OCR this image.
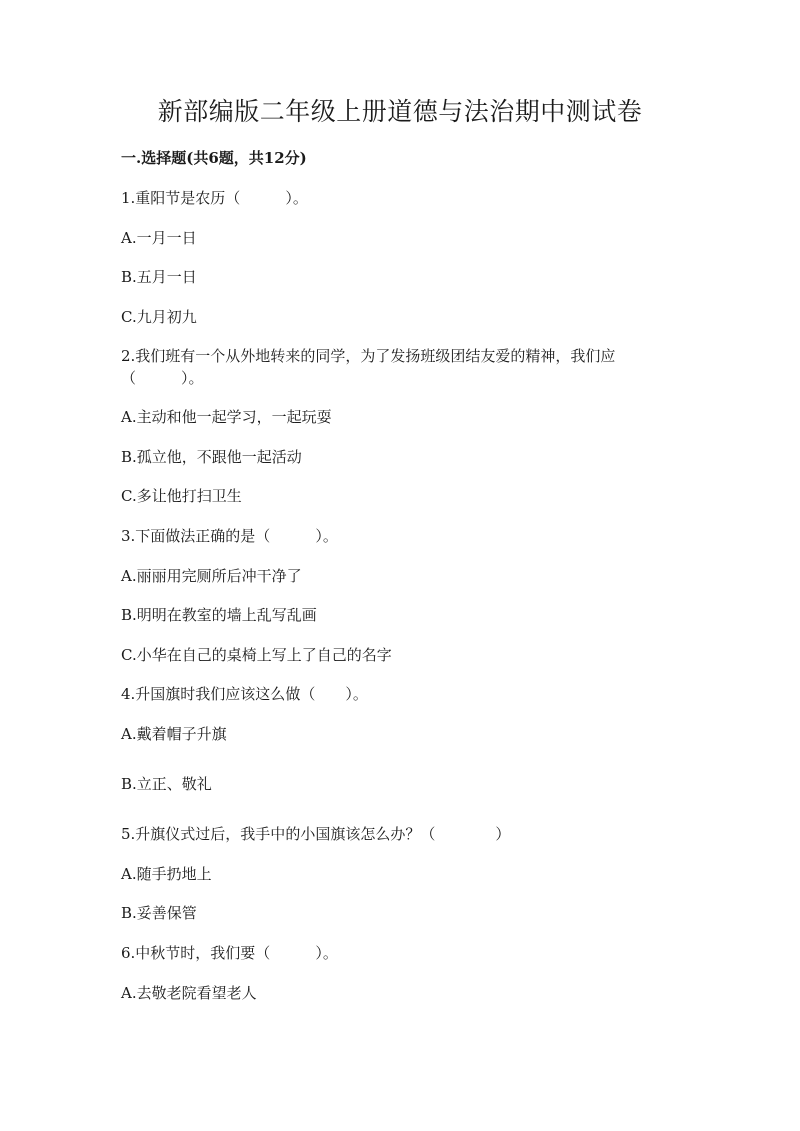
新部编版二年级上册道德与法治期中测试卷
一.选择题(共6题，共12分)
1.重阳节是农历（　　　）。
A.一月一日
B.五月一日
C.九月初九
2.我们班有一个从外地转来的同学，为了发扬班级团结友爱的精神，我们应
（　　　）。
A.主动和他一起学习，一起玩耍
B.孤立他，不跟他一起活动
C.多让他打扫卫生
3.下面做法正确的是（　　　）。
A.丽丽用完厕所后冲干净了
B.明明在教室的墙上乱写乱画
C.小华在自己的桌椅上写上了自己的名字
4.升国旗时我们应该这么做（　　）。
A.戴着帽子升旗
B.立正、敬礼
5.升旗仪式过后，我手中的小国旗该怎么办？（　　　　）
A.随手扔地上
B.妥善保管
6.中秋节时，我们要（　　　）。
A.去敬老院看望老人
